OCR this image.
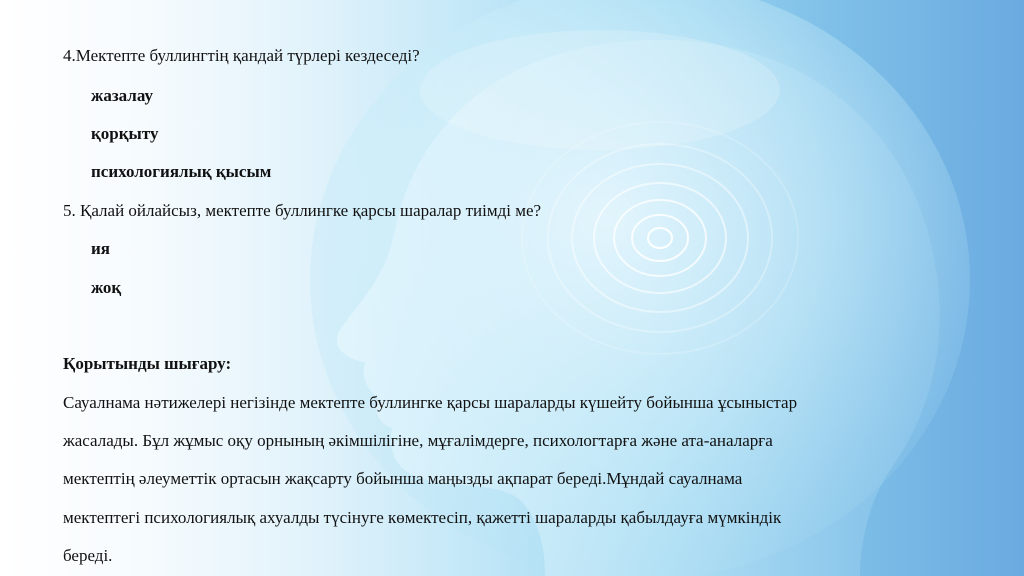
4.Мектепте буллингтің қандай түрлері кездеседі?
жазалау
қорқыту
психологиялық қысым
5. Қалай ойлайсыз, мектепте буллингке қарсы шаралар тиімді ме?
ия
жоқ
Қорытынды шығару:
Сауалнама нәтижелері негізінде мектепте буллингке қарсы шараларды күшейту бойынша ұсыныстар
жасалады. Бұл жұмыс оқу орнының әкімшілігіне, мұғалімдерге, психологтарға және ата-аналарға
мектептің әлеуметтік ортасын жақсарту бойынша маңызды ақпарат береді.Мұндай сауалнама
мектептегі психологиялық ахуалды түсінуге көмектесіп, қажетті шараларды қабылдауға мүмкіндік
береді.
